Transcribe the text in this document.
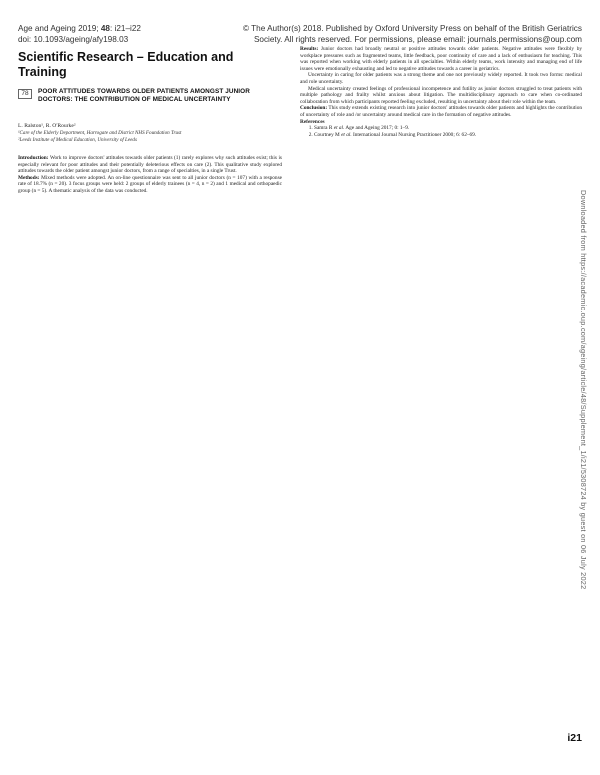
Age and Ageing 2019; 48: i21–i22
doi: 10.1093/ageing/afy198.03
© The Author(s) 2018. Published by Oxford University Press on behalf of the British Geriatrics
Society. All rights reserved. For permissions, please email: journals.permissions@oup.com
Scientific Research – Education and Training
78	POOR ATTITUDES TOWARDS OLDER PATIENTS AMONGST JUNIOR DOCTORS: THE CONTRIBUTION OF MEDICAL UNCERTAINTY
L. Ralston¹, R. O'Rourke²
¹Care of the Elderly Department, Harrogate and District NHS Foundation Trust
²Leeds Institute of Medical Education, University of Leeds

Introduction: Work to improve doctors' attitudes towards older patients (1) rarely explores why such attitudes exist; this is especially relevant for poor attitudes and their potentially deleterious effects on care (2). This qualitative study explored attitudes towards the older patient amongst junior doctors, from a range of specialties, in a single Trust.

Methods: Mixed methods were adopted. An on-line questionnaire was sent to all junior doctors (n = 107) with a response rate of 18.7% (n = 20). 3 focus groups were held: 2 groups of elderly trainees (n = 4, n = 2) and 1 medical and orthopaedic group (n = 5). A thematic analysis of the data was conducted.

Results: Junior doctors had broadly neutral or positive attitudes towards older patients. Negative attitudes were flexibly by workplace pressures such as fragmented teams, little feedback, poor continuity of care and a lack of enthusiasm for teaching. This was reported when working with elderly patients in all specialties. Within elderly teams, work intensity and managing end of life issues were emotionally exhausting and led to negative attitudes towards a career in geriatrics.

Uncertainty in caring for older patients was a strong theme and one not previously widely reported. It took two forms: medical and role uncertainty.

Medical uncertainty created feelings of professional incompetence and futility as junior doctors struggled to treat patients with multiple pathology and frailty whilst anxious about litigation. The multidisciplinary approach to care when co-ordinated collaboration from which participants reported feeling excluded, resulting in uncertainty about their role within the team.

Conclusion: This study extends existing research into junior doctors' attitudes towards older patients and highlights the contribution of uncertainty of role and /or uncertainty around medical care in the formation of negative attitudes.

References

1. Samra R et al. Age and Ageing 2017; 0: 1–9.
2. Courtney M et al. International Journal Nursing Practitioner 2000; 6: 62–69.
Downloaded from https://academic.oup.com/ageing/article/48/Supplement_1/i21/5308724 by guest on 06 July 2022
i21
